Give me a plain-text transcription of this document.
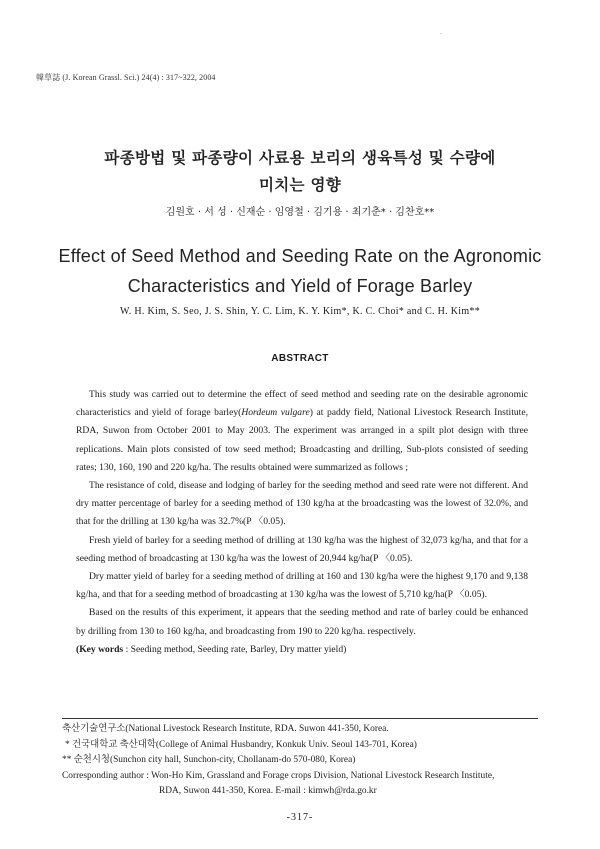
韓草誌 (J. Korean Grassl. Sci.) 24(4) : 317~322, 2004
-
파종방법 및 파종량이 사료용 보리의 생육특성 및 수량에
미치는 영향
김원호 · 서 성 · 신재순 · 임영철 · 김기용 · 최기춘* · 김찬호**
Effect of Seed Method and Seeding Rate on the Agronomic
Characteristics and Yield of Forage Barley
W. H. Kim, S. Seo, J. S. Shin, Y. C. Lim, K. Y. Kim*, K. C. Choi* and C. H. Kim**
ABSTRACT

This study was carried out to determine the effect of seed method and seeding rate on the desirable agronomic characteristics and yield of forage barley(Hordeum vulgare) at paddy field, National Livestock Research Institute, RDA, Suwon from October 2001 to May 2003. The experiment was arranged in a spilt plot design with three replications. Main plots consisted of tow seed method; Broadcasting and drilling, Sub-plots consisted of seeding rates; 130, 160, 190 and 220 kg/ha. The results obtained were summarized as follows ;

The resistance of cold, disease and lodging of barley for the seeding method and seed rate were not different. And dry matter percentage of barley for a seeding method of 130 kg/ha at the broadcasting was the lowest of 32.0%, and that for the drilling at 130 kg/ha was 32.7%(P 〈0.05).

Fresh yield of barley for a seeding method of drilling at 130 kg/ha was the highest of 32,073 kg/ha, and that for a seeding method of broadcasting at 130 kg/ha was the lowest of 20,944 kg/ha(P 〈0.05).

Dry matter yield of barley for a seeding method of drilling at 160 and 130 kg/ha were the highest 9,170 and 9,138 kg/ha, and that for a seeding method of broadcasting at 130 kg/ha was the lowest of 5,710 kg/ha(P 〈0.05).

Based on the results of this experiment, it appears that the seeding method and rate of barley could be enhanced by drilling from 130 to 160 kg/ha, and broadcasting from 190 to 220 kg/ha. respectively.

(Key words : Seeding method, Seeding rate, Barley, Dry matter yield)

축산기술연구소(National Livestock Research Institute, RDA. Suwon 441-350, Korea.
* 건국대학교 축산대학(College of Animal Husbandry, Konkuk Univ. Seoul 143-701, Korea)
** 순천시청(Sunchon city hall, Sunchon-city, Chollanam-do 570-080, Korea)
Corresponding author : Won-Ho Kim, Grassland and Forage crops Division, National Livestock Research Institute,
RDA, Suwon 441-350, Korea. E-mail : kimwh@rda.go.kr
-317-
